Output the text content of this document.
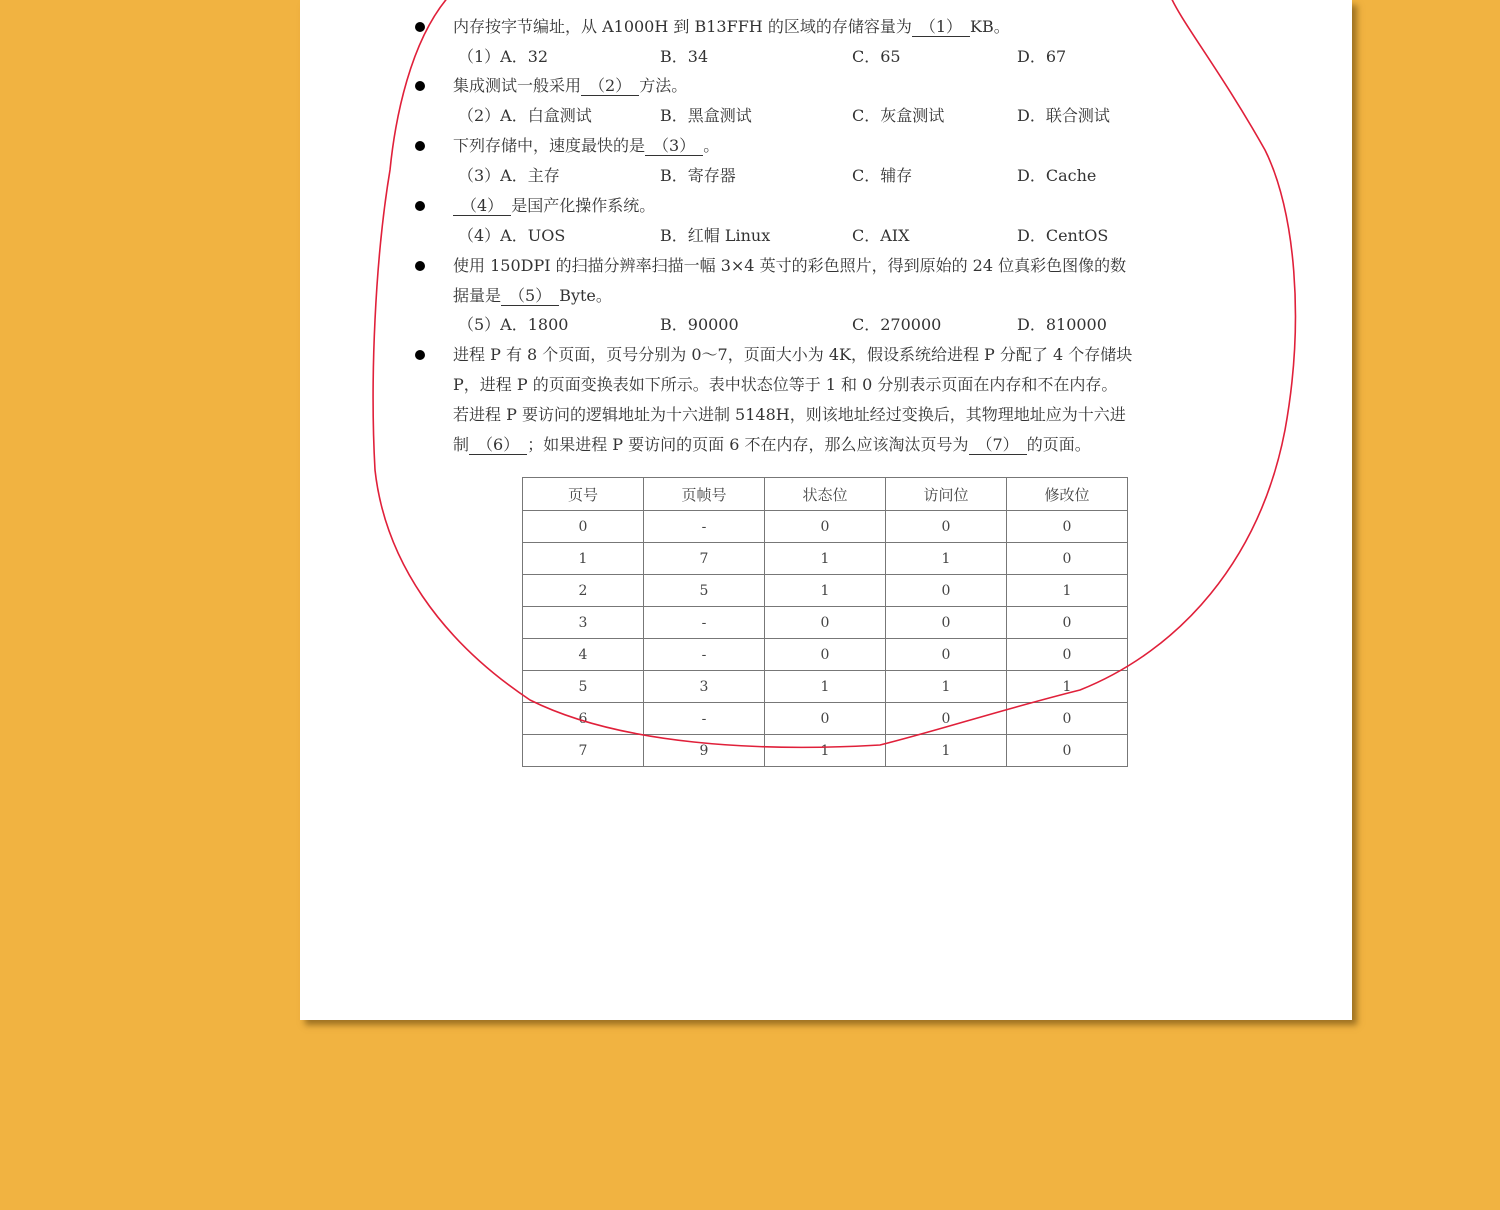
内存按字节编址，从 A1000H 到 B13FFH 的区域的存储容量为 （1） KB。
（1）A．32	B．34	C．65	D．67
集成测试一般采用 （2） 方法。
（2）A．白盒测试	B．黑盒测试	C．灰盒测试	D．联合测试
下列存储中，速度最快的是 （3） 。
（3）A．主存	B．寄存器	C．辅存	D．Cache
（4） 是国产化操作系统。
（4）A．UOS	B．红帽 Linux	C．AIX	D．CentOS
使用 150DPI 的扫描分辨率扫描一幅 3×4 英寸的彩色照片，得到原始的 24 位真彩色图像的数
据量是 （5） Byte。
（5）A．1800	B．90000	C．270000	D．810000
进程 P 有 8 个页面，页号分别为 0～7，页面大小为 4K，假设系统给进程 P 分配了 4 个存储块
P，进程 P 的页面变换表如下所示。表中状态位等于 1 和 0 分别表示页面在内存和不在内存。
若进程 P 要访问的逻辑地址为十六进制 5148H，则该地址经过变换后，其物理地址应为十六进
制 （6） ；如果进程 P 要访问的页面 6 不在内存，那么应该淘汰页号为 （7） 的页面。
页号	页帧号	状态位	访问位	修改位
0	-	0	0	0
1	7	1	1	0
2	5	1	0	1
3	-	0	0	0
4	-	0	0	0
5	3	1	1	1
6	-	0	0	0
7	9	1	1	0
